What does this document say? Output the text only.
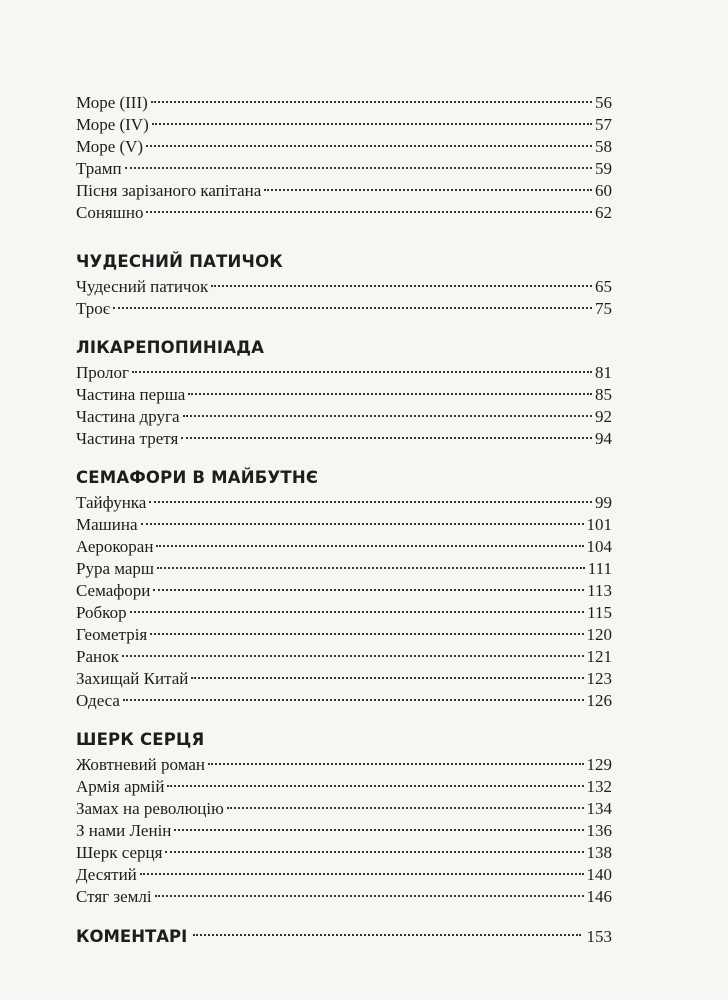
Море (III)	56
Море (IV)	57
Море (V)	58
Трамп	59
Пісня зарізаного капітана	60
Соняшно	62
ЧУДЕСНИЙ ПАТИЧОК
Чудесний патичок	65
Троє	75
ЛІКАРЕПОПИНІАДА
Пролог	81
Частина перша	85
Частина друга	92
Частина третя	94
СЕМАФОРИ В МАЙБУТНЄ
Тайфунка	99
Машина	101
Аерокоран	104
Рура марш	111
Семафори	113
Робкор	115
Геометрія	120
Ранок	121
Захищай Китай	123
Одеса	126
ШЕРК СЕРЦЯ
Жовтневий роман	129
Армія армій	132
Замах на революцію	134
З нами Ленін	136
Шерк серця	138
Десятий	140
Стяг землі	146
КОМЕНТАРІ	153
